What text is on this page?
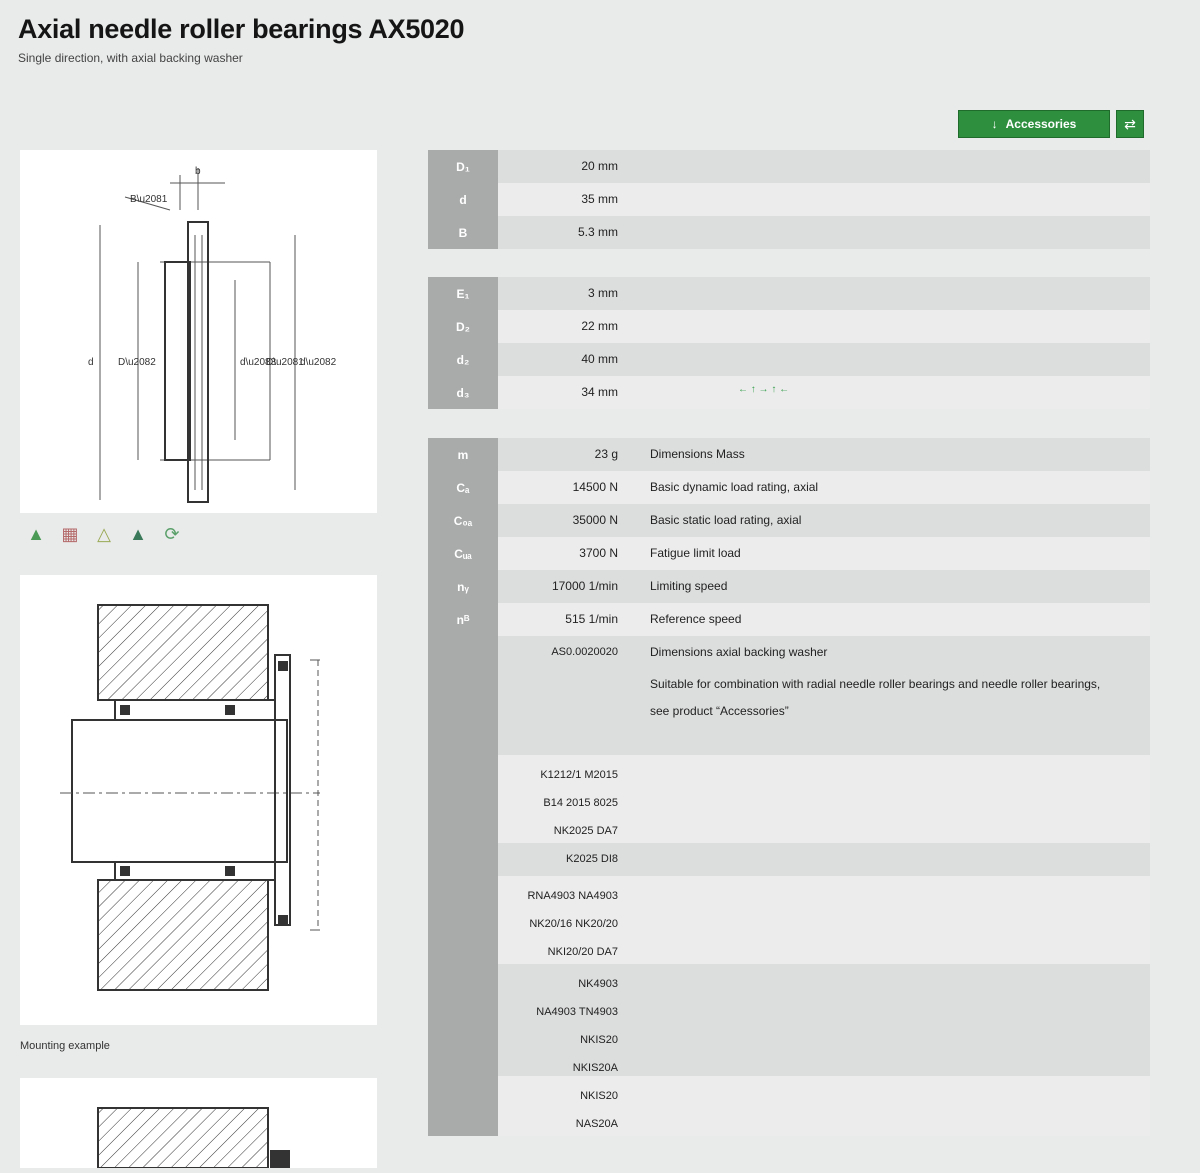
Axial needle roller bearings AX5020
Single direction, with axial backing washer
↓ Accessories	⇄
B\u2081
b
d D\u2082	d\u2083
D\u2081
d\u2082
▲ ▦ △ ▲ ⟳
Mounting example
D₁	20 mm
d	35 mm
B	5.3 mm
E₁	3 mm
D₂	22 mm
d₂	40 mm
d₃	34 mm	← ↑ → ↑ ←
m	23 g	Dimensions Mass
Cₐ	14500 N	Basic dynamic load rating, axial
C₀ₐ	35000 N	Basic static load rating, axial
Cᵤₐ	3700 N	Fatigue limit load
nᵧ	17000 1/min	Limiting speed
nᴮ	515 1/min	Reference speed
AS0.0020020	Dimensions axial backing washer
Suitable for combination with radial needle roller bearings and needle roller bearings, see product “Accessories”
K1212/1 M2015
B14 2015 8025
NK2025 DA7
K2025 DI8
RNA4903 NA4903
NK20/16 NK20/20
NKI20/20 DA7
NK4903
NA4903 TN4903
NKIS20
NKIS20A
NKIS20
NAS20A
